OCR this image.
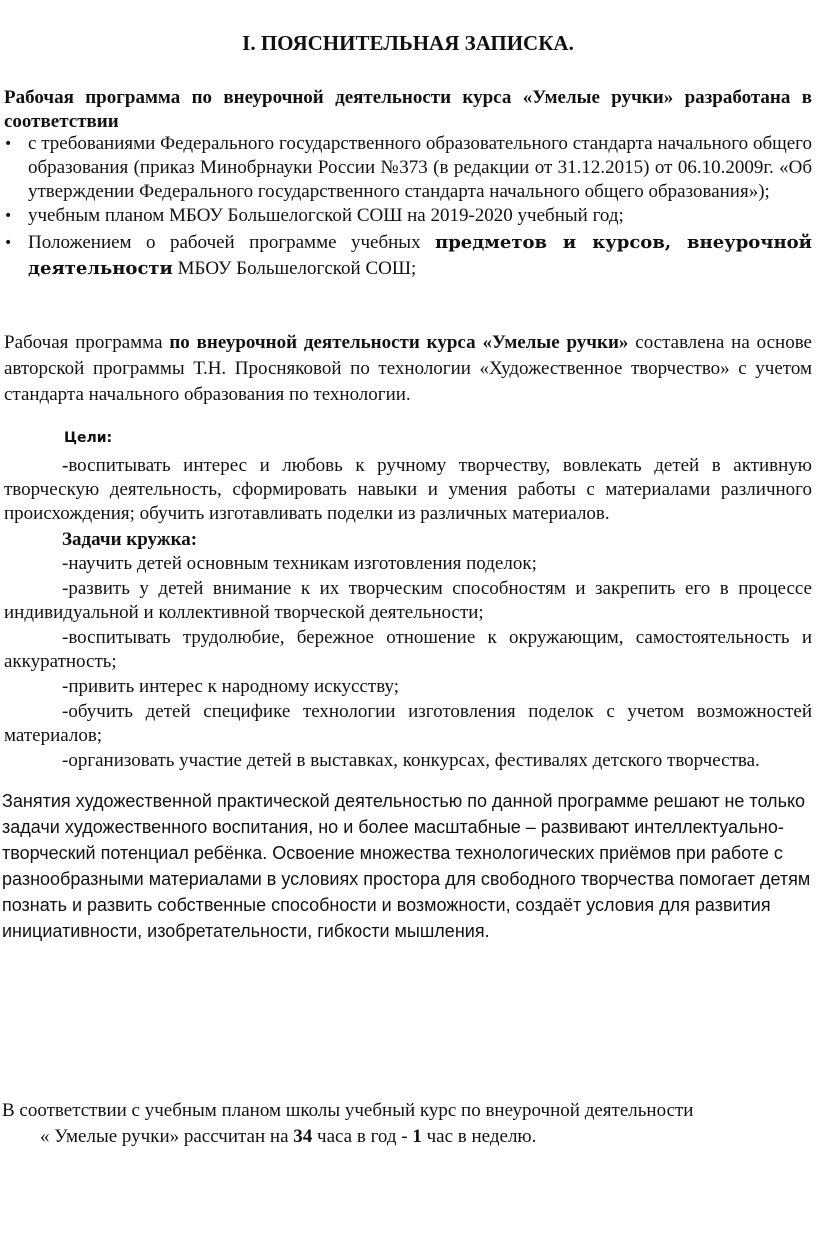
I. ПОЯСНИТЕЛЬНАЯ ЗАПИСКА.

Рабочая программа по внеурочной деятельности курса «Умелые ручки» разработана в соответствии

• с требованиями Федерального государственного образовательного стандарта начального общего образования (приказ Минобрнауки России №373 (в редакции от 31.12.2015) от 06.10.2009г. «Об утверждении Федерального государственного стандарта начального общего образования»);
• учебным планом МБОУ Большелогской СОШ на 2019-2020 учебный год;
• Положением о рабочей программе учебных предметов и курсов, внеурочной деятельности МБОУ Большелогской СОШ;

Рабочая программа по внеурочной деятельности курса «Умелые ручки» составлена на основе авторской программы Т.Н. Просняковой по технологии «Художественное творчество» с учетом стандарта начального образования по технологии.

Цели:

-воспитывать интерес и любовь к ручному творчеству, вовлекать детей в активную творческую деятельность, сформировать навыки и умения работы с материалами различного происхождения; обучить изготавливать поделки из различных материалов.

Задачи кружка:

-научить детей основным техникам изготовления поделок;

-развить у детей внимание к их творческим способностям и закрепить его в процессе индивидуальной и коллективной творческой деятельности;

-воспитывать трудолюбие, бережное отношение к окружающим, самостоятельность и аккуратность;

-привить интерес к народному искусству;

-обучить детей специфике технологии изготовления поделок с учетом возможностей материалов;

-организовать участие детей в выставках, конкурсах, фестивалях детского творчества.

Занятия художественной практической деятельностью по данной программе решают не только задачи художественного воспитания, но и более масштабные – развивают интеллектуально-творческий потенциал ребёнка. Освоение множества технологических приёмов при работе с разнообразными материалами в условиях простора для свободного творчества помогает детям познать и развить собственные способности и возможности, создаёт условия для развития инициативности, изобретательности, гибкости мышления.

В соответствии с учебным планом школы учебный курс по внеурочной деятельности
« Умелые ручки» рассчитан на 34 часа в год - 1 час в неделю.
